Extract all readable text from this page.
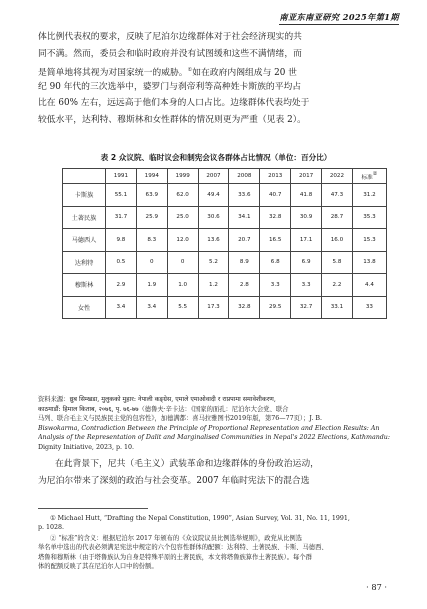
南亚东南亚研究 2025年第1期
体比例代表权的要求，反映了尼泊尔边缘群体对于社会经济现实的共
同不满。然而，委员会和临时政府并没有试图缓和这些不满情绪，而
是简单地将其视为对国家统一的威胁。①如在政府内阁组成与 20 世
纪 90 年代的三次选举中，婆罗门与刹帝利等高种姓卡斯族的平均占
比在 60% 左右，远远高于他们本身的人口占比。边缘群体代表均处于
较低水平，达利特、穆斯林和女性群体的情况则更为严重（见表 2）。
表 2 众议院、临时议会和制宪会议各群体占比情况（单位：百分比）
	1991	1994	1999	2007	2008	2013	2017	2022	标准②
卡斯族	55.1	63.9	62.0	49.4	33.6	40.7	41.8	47.3	31.2
土著民族	31.7	25.9	25.0	30.6	34.1	32.8	30.9	28.7	35.3
马德西人	9.8	8.3	12.0	13.6	20.7	16.5	17.1	16.0	15.3
达利特	0.5	0	0	5.2	8.9	6.8	6.9	5.8	13.8
穆斯林	2.9	1.9	1.0	1.2	2.8	3.3	3.3	2.2	4.4
女性	3.4	3.4	5.5	17.3	32.8	29.5	32.7	33.1	33
资料来源：ध्रुब सिम्खडा, मुलुकको मुहार: नेपाली कङ्ग्रेस, एमाले एमाओवादी र राप्रपामा समावेशीकरण,
काठमाडौं: हिमाल किताब, २०७६, पृ. ७६-७७（德鲁夫·辛卡达：《国家的面孔：尼泊尔大会党、联合
马列、联合毛主义与民族民主党的包容性》，加德满都：喜马拉雅图书2019年版，第76—77页）；J. B.
Biswokarma, Contradiction Between the Principle of Proportional Representation and Election Results: An
Analysis of the Representation of Dalit and Marginalised Communities in Nepal's 2022 Elections, Kathmandu:
Dignity Initiative, 2023, p. 10.
在此背景下，尼共（毛主义）武装革命和边缘群体的身份政治运动，
为尼泊尔带来了深刻的政治与社会变革。2007 年临时宪法下的混合选
① Michael Hutt, “Drafting the Nepal Constitution, 1990”, Asian Survey, Vol. 31, No. 11, 1991,
p. 1028.
② “标准”的含义：根据尼泊尔 2017 年颁布的《众议院议员比例选举规则》，政党从比例选
举名单中选出的代表必须满足宪法中规定的六个包容性群体的配额：达利特、土著民族、卡斯、马德西、
塔鲁和穆斯林（由于塔鲁族认为自身是特殊平原的土著民族，本文将塔鲁族算作土著民族）。每个群
体的配额反映了其在尼泊尔人口中的份额。
· 87 ·
